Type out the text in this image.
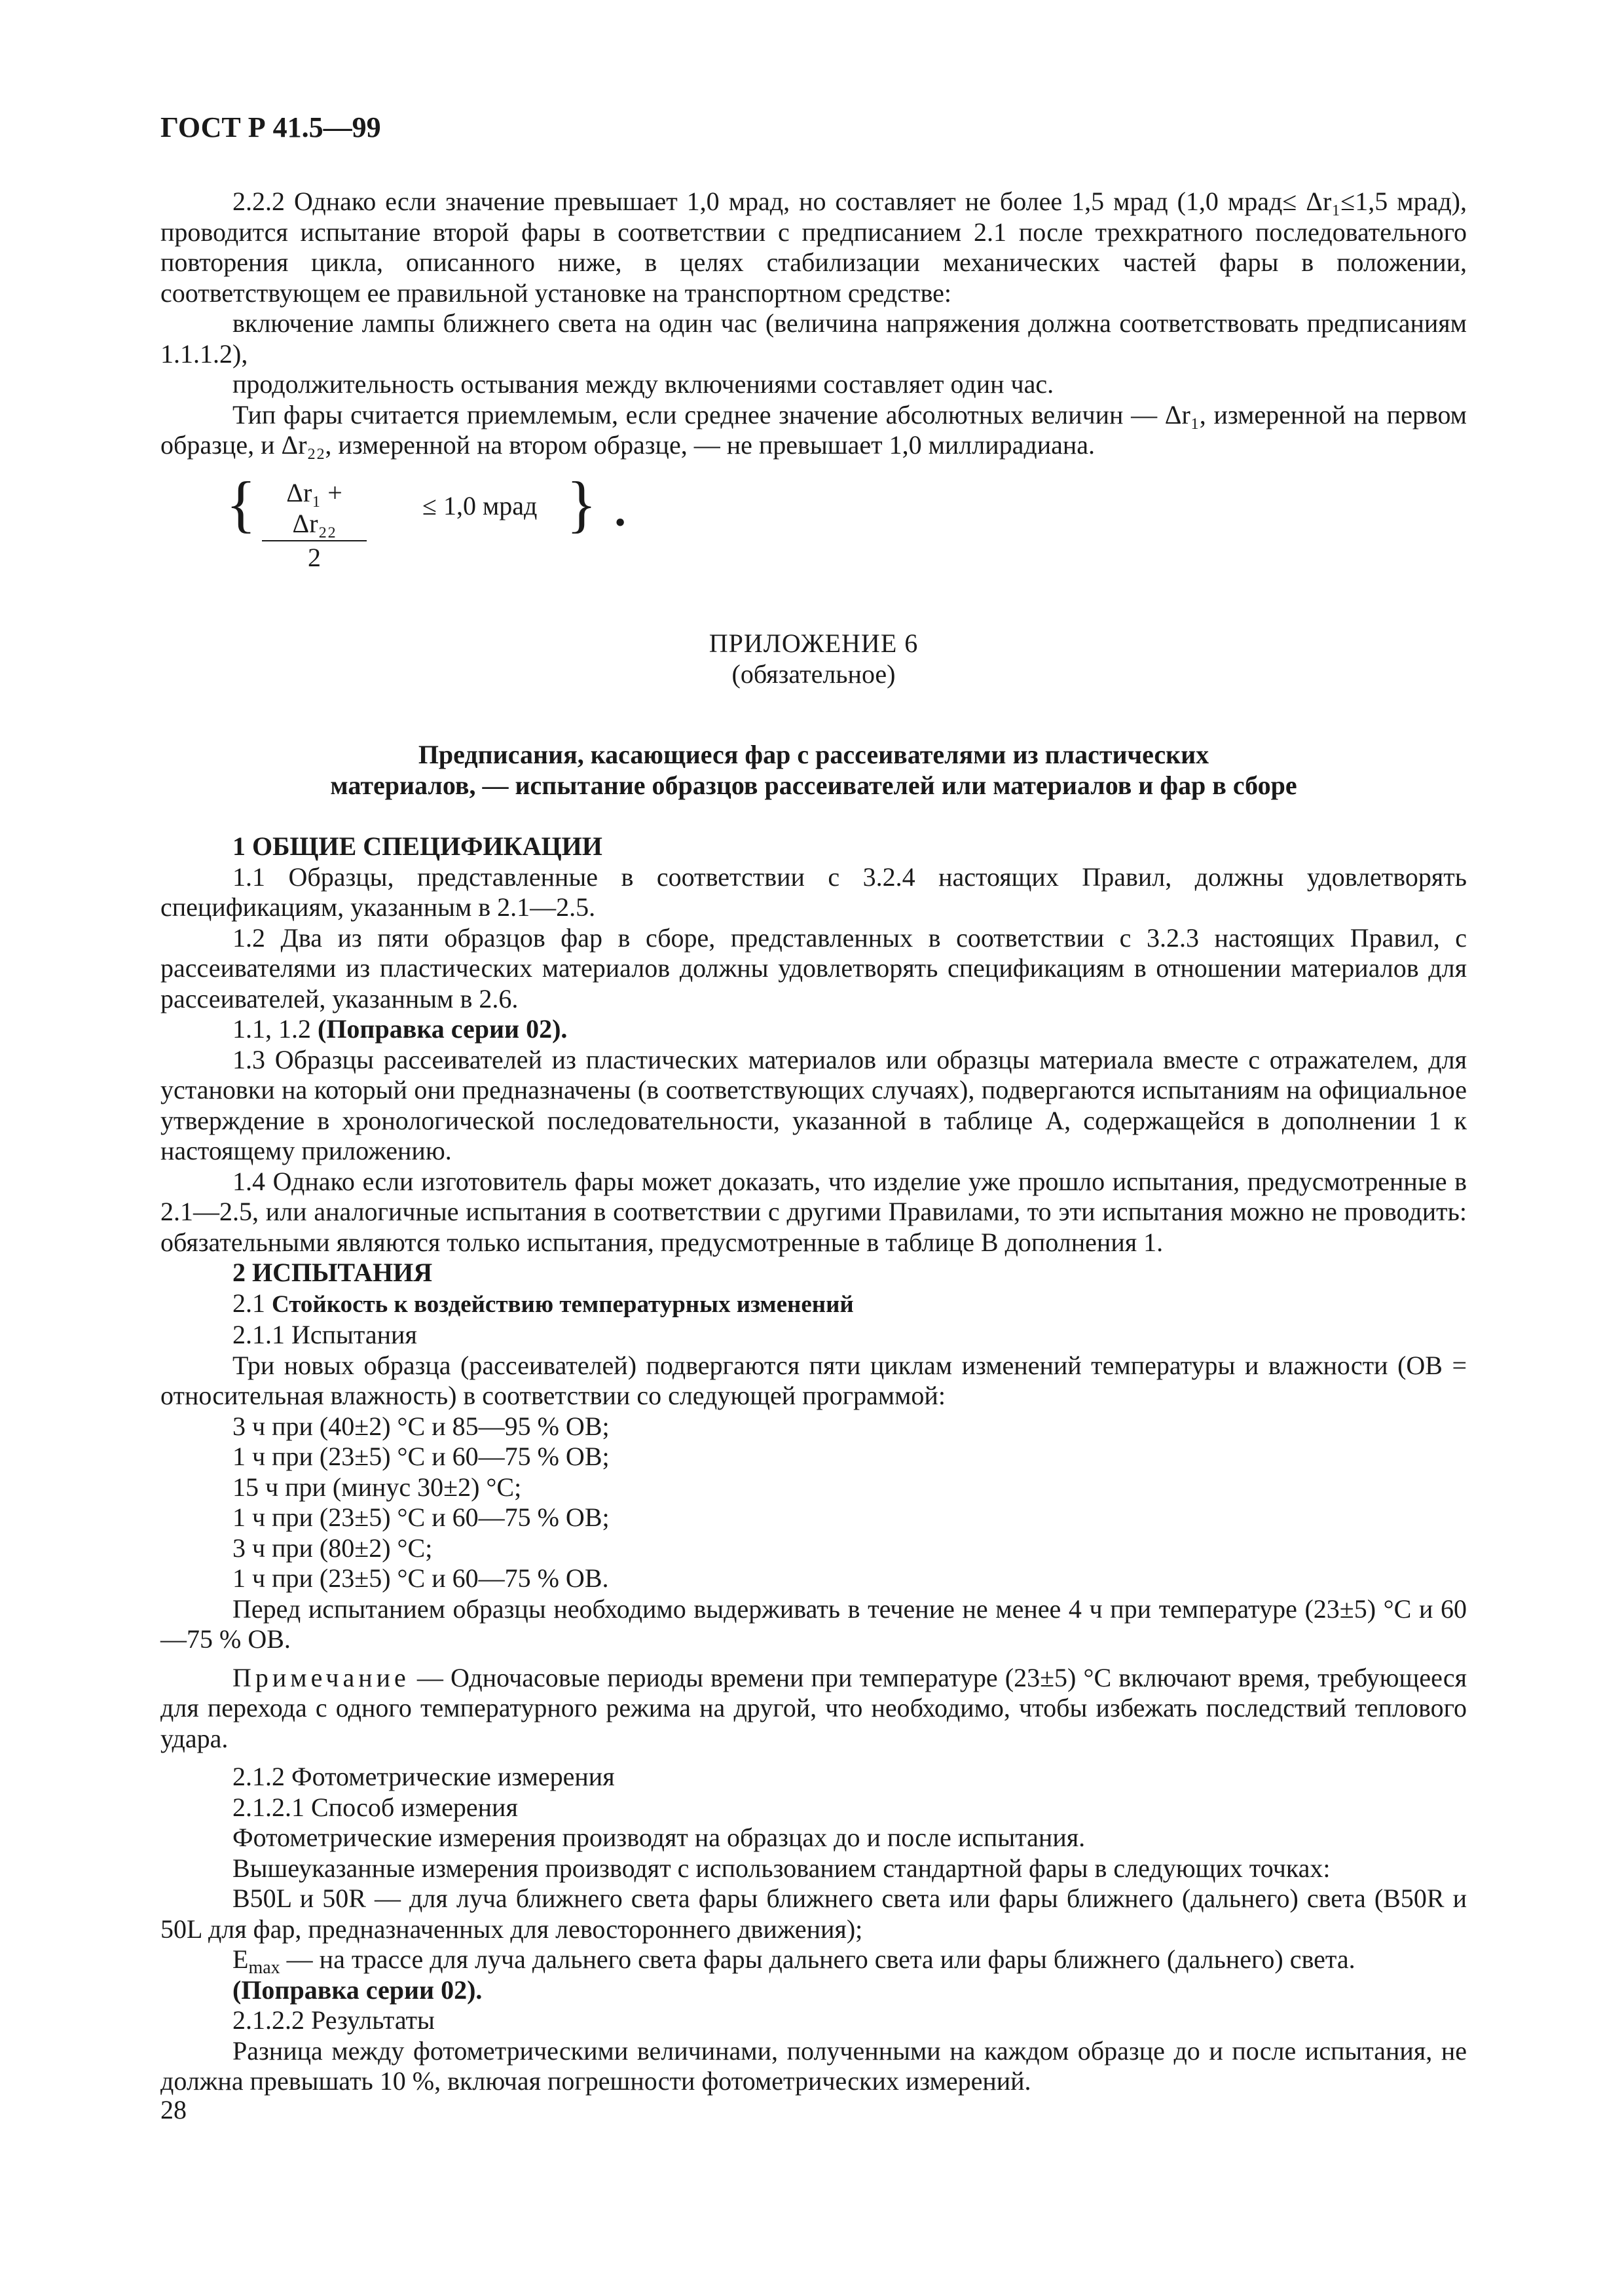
ГОСТ Р 41.5—99

2.2.2 Однако если значение превышает 1,0 мрад, но составляет не более 1,5 мрад (1,0 мрад≤ Δr₁≤1,5 мрад), проводится испытание второй фары в соответствии с предписанием 2.1 после трехкратного последовательного повторения цикла, описанного ниже, в целях стабилизации механических частей фары в положении, соответствующем ее правильной установке на транспортном средстве:

включение лампы ближнего света на один час (величина напряжения должна соответствовать предписаниям 1.1.1.2),

продолжительность остывания между включениями составляет один час.

Тип фары считается приемлемым, если среднее значение абсолютных величин — Δr₁, измеренной на первом образце, и Δr₂₂, измеренной на втором образце, — не превышает 1,0 миллирадиана.

{ $\frac{\text{Δr₁ + Δr₂₂}}{2} \le 1,0$ мрад } .

ПРИЛОЖЕНИЕ 6

(обязательное)

Предписания, касающиеся фар с рассеивателями из пластических

материалов, — испытание образцов рассеивателей или материалов и фар в сборе

1 ОБЩИЕ СПЕЦИФИКАЦИИ

1.1 Образцы, представленные в соответствии с 3.2.4 настоящих Правил, должны удовлетворять спецификациям, указанным в 2.1—2.5.

1.2 Два из пяти образцов фар в сборе, представленных в соответствии с 3.2.3 настоящих Правил, с рассеивателями из пластических материалов должны удовлетворять спецификациям в отношении материалов для рассеивателей, указанным в 2.6.

1.1, 1.2 (Поправка серии 02).

1.3 Образцы рассеивателей из пластических материалов или образцы материала вместе с отражателем, для установки на который они предназначены (в соответствующих случаях), подвергаются испытаниям на официальное утверждение в хронологической последовательности, указанной в таблице А, содержащейся в дополнении 1 к настоящему приложению.

1.4 Однако если изготовитель фары может доказать, что изделие уже прошло испытания, предусмотренные в 2.1—2.5, или аналогичные испытания в соответствии с другими Правилами, то эти испытания можно не проводить: обязательными являются только испытания, предусмотренные в таблице В дополнения 1.

2 ИСПЫТАНИЯ

2.1 Стойкость к воздействию температурных изменений

2.1.1 Испытания

Три новых образца (рассеивателей) подвергаются пяти циклам изменений температуры и влажности (ОВ = относительная влажность) в соответствии со следующей программой:

3 ч при (40±2) °С и 85—95 % ОВ;

1 ч при (23±5) °С и 60—75 % ОВ;

15 ч при (минус 30±2) °С;

1 ч при (23±5) °С и 60—75 % ОВ;

3 ч при (80±2) °С;

1 ч при (23±5) °С и 60—75 % ОВ.

Перед испытанием образцы необходимо выдерживать в течение не менее 4 ч при температуре (23±5) °С и 60—75 % ОВ.

Примечание — Одночасовые периоды времени при температуре (23±5) °С включают время, требующееся для перехода с одного температурного режима на другой, что необходимо, чтобы избежать последствий теплового удара.

2.1.2 Фотометрические измерения

2.1.2.1 Способ измерения

Фотометрические измерения производят на образцах до и после испытания.

Вышеуказанные измерения производят с использованием стандартной фары в следующих точках:

B50L и 50R — для луча ближнего света фары ближнего света или фары ближнего (дальнего) света (B50R и 50L для фар, предназначенных для левостороннего движения);

$E_{max}$ — на трассе для луча дальнего света фары дальнего света или фары ближнего (дальнего) света.

(Поправка серии 02).

2.1.2.2 Результаты

Разница между фотометрическими величинами, полученными на каждом образце до и после испытания, не должна превышать 10 %, включая погрешности фотометрических измерений.

28
